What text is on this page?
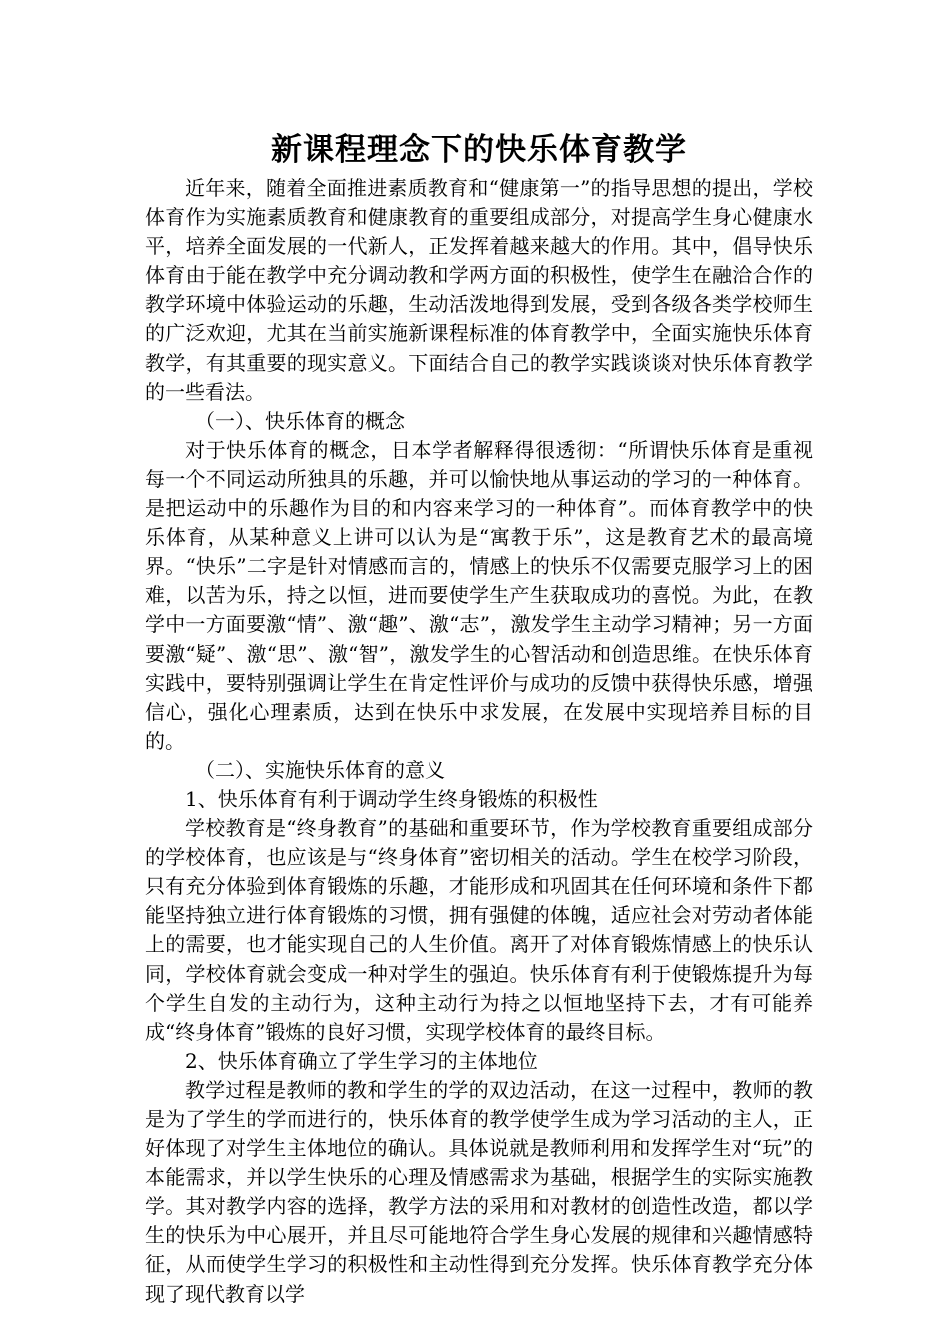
新课程理念下的快乐体育教学

近年来，随着全面推进素质教育和“健康第一”的指导思想的提出，学校体育作为实施素质教育和健康教育的重要组成部分，对提高学生身心健康水平，培养全面发展的一代新人，正发挥着越来越大的作用。其中，倡导快乐体育由于能在教学中充分调动教和学两方面的积极性，使学生在融洽合作的教学环境中体验运动的乐趣，生动活泼地得到发展，受到各级各类学校师生的广泛欢迎，尤其在当前实施新课程标准的体育教学中，全面实施快乐体育教学，有其重要的现实意义。下面结合自己的教学实践谈谈对快乐体育教学的一些看法。

（一）、快乐体育的概念

对于快乐体育的概念，日本学者解释得很透彻：“所谓快乐体育是重视每一个不同运动所独具的乐趣，并可以愉快地从事运动的学习的一种体育。是把运动中的乐趣作为目的和内容来学习的一种体育”。而体育教学中的快乐体育，从某种意义上讲可以认为是“寓教于乐”，这是教育艺术的最高境界。“快乐”二字是针对情感而言的，情感上的快乐不仅需要克服学习上的困难，以苦为乐，持之以恒，进而要使学生产生获取成功的喜悦。为此，在教学中一方面要激“情”、激“趣”、激“志”，激发学生主动学习精神；另一方面要激“疑”、激“思”、激“智”，激发学生的心智活动和创造思维。在快乐体育实践中，要特别强调让学生在肯定性评价与成功的反馈中获得快乐感，增强信心，强化心理素质，达到在快乐中求发展，在发展中实现培养目标的目的。

（二）、实施快乐体育的意义

1、快乐体育有利于调动学生终身锻炼的积极性

学校教育是“终身教育”的基础和重要环节，作为学校教育重要组成部分的学校体育，也应该是与“终身体育”密切相关的活动。学生在校学习阶段，只有充分体验到体育锻炼的乐趣，才能形成和巩固其在任何环境和条件下都能坚持独立进行体育锻炼的习惯，拥有强健的体魄，适应社会对劳动者体能上的需要，也才能实现自己的人生价值。离开了对体育锻炼情感上的快乐认同，学校体育就会变成一种对学生的强迫。快乐体育有利于使锻炼提升为每个学生自发的主动行为，这种主动行为持之以恒地坚持下去，才有可能养成“终身体育”锻炼的良好习惯，实现学校体育的最终目标。

2、快乐体育确立了学生学习的主体地位

教学过程是教师的教和学生的学的双边活动，在这一过程中，教师的教是为了学生的学而进行的，快乐体育的教学使学生成为学习活动的主人，正好体现了对学生主体地位的确认。具体说就是教师利用和发挥学生对“玩”的本能需求，并以学生快乐的心理及情感需求为基础，根据学生的实际实施教学。其对教学内容的选择，教学方法的采用和对教材的创造性改造，都以学生的快乐为中心展开，并且尽可能地符合学生身心发展的规律和兴趣情感特征，从而使学生学习的积极性和主动性得到充分发挥。快乐体育教学充分体现了现代教育以学
